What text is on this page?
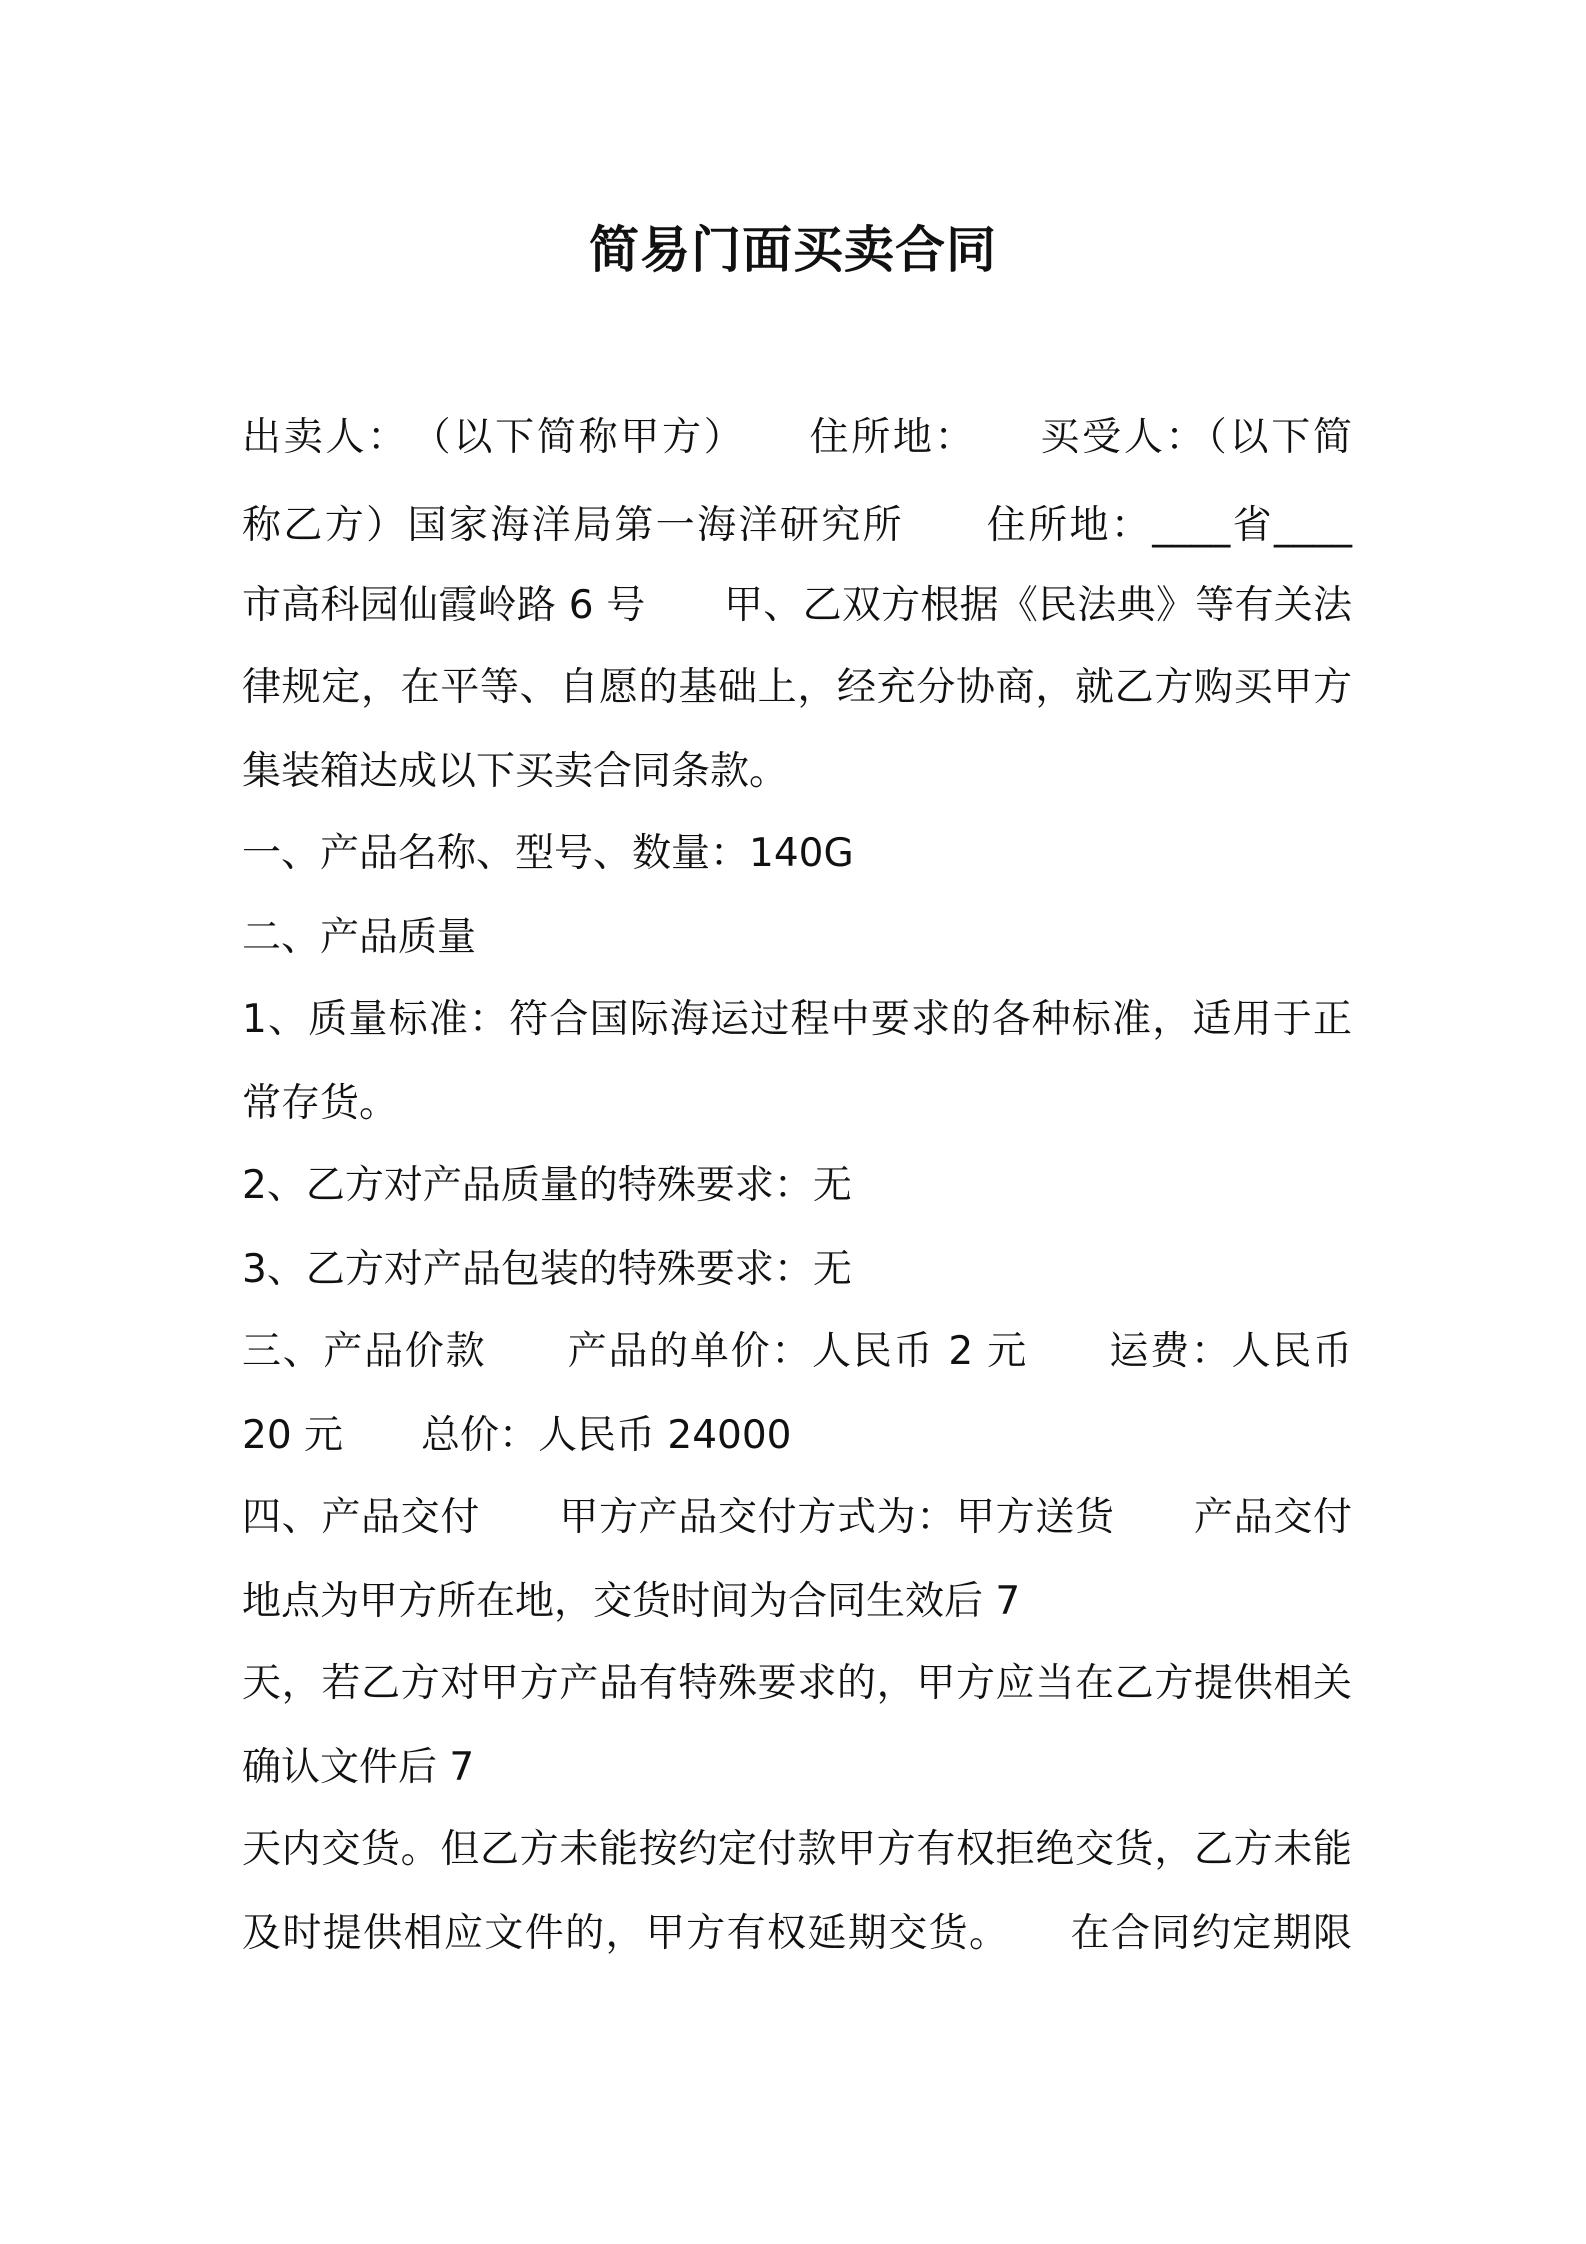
简易门面买卖合同

出卖人：　（以下简称甲方）　　住所地：　　买受人：（以下简

称乙方）国家海洋局第一海洋研究所　　住所地：____省____

市高科园仙霞岭路 6 号　　甲、乙双方根据《民法典》等有关法

律规定，在平等、自愿的基础上，经充分协商，就乙方购买甲方

集装箱达成以下买卖合同条款。

一、产品名称、型号、数量：140G

二、产品质量

1、质量标准：符合国际海运过程中要求的各种标准，适用于正

常存货。

2、乙方对产品质量的特殊要求：无

3、乙方对产品包装的特殊要求：无

三、产品价款　　产品的单价：人民币 2 元　　运费：人民币

20 元　　总价：人民币 24000

四、产品交付　　甲方产品交付方式为：甲方送货　　产品交付

地点为甲方所在地，交货时间为合同生效后 7

天，若乙方对甲方产品有特殊要求的，甲方应当在乙方提供相关

确认文件后 7

天内交货。但乙方未能按约定付款甲方有权拒绝交货，乙方未能

及时提供相应文件的，甲方有权延期交货。　　在合同约定期限
